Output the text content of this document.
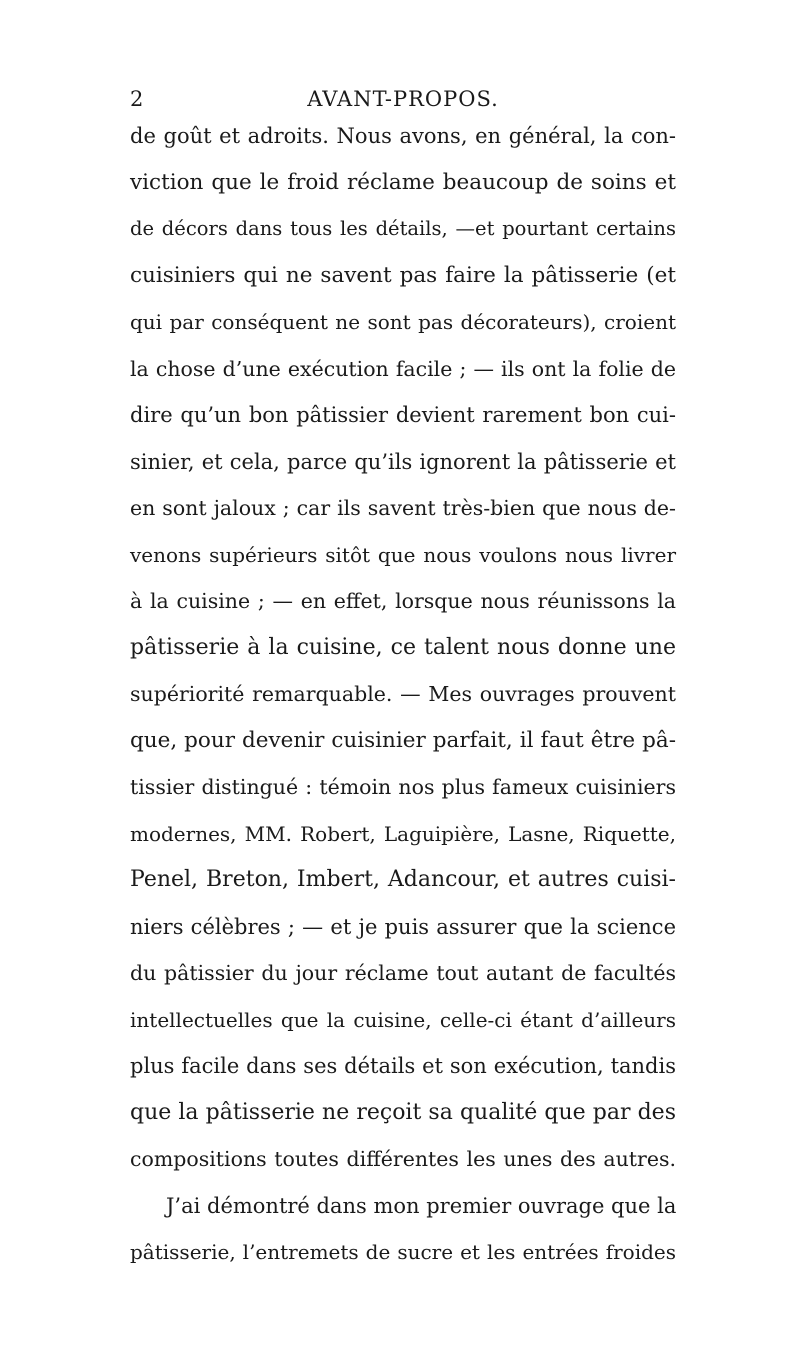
2	AVANT-PROPOS.
de goût et adroits. Nous avons, en général, la con-
viction que le froid réclame beaucoup de soins et
de décors dans tous les détails, —et pourtant certains
cuisiniers qui ne savent pas faire la pâtisserie (et
qui par conséquent ne sont pas décorateurs), croient
la chose d’une exécution facile ; — ils ont la folie de
dire qu’un bon pâtissier devient rarement bon cui-
sinier, et cela, parce qu’ils ignorent la pâtisserie et
en sont jaloux ; car ils savent très-bien que nous de-
venons supérieurs sitôt que nous voulons nous livrer
à la cuisine ; — en effet, lorsque nous réunissons la
pâtisserie à la cuisine, ce talent nous donne une
supériorité remarquable. — Mes ouvrages prouvent
que, pour devenir cuisinier parfait, il faut être pâ-
tissier distingué : témoin nos plus fameux cuisiniers
modernes, MM. Robert, Laguipière, Lasne, Riquette,
Penel, Breton, Imbert, Adancour, et autres cuisi-
niers célèbres ; — et je puis assurer que la science
du pâtissier du jour réclame tout autant de facultés
intellectuelles que la cuisine, celle-ci étant d’ailleurs
plus facile dans ses détails et son exécution, tandis
que la pâtisserie ne reçoit sa qualité que par des
compositions toutes différentes les unes des autres.
J’ai démontré dans mon premier ouvrage que la
pâtisserie, l’entremets de sucre et les entrées froides
